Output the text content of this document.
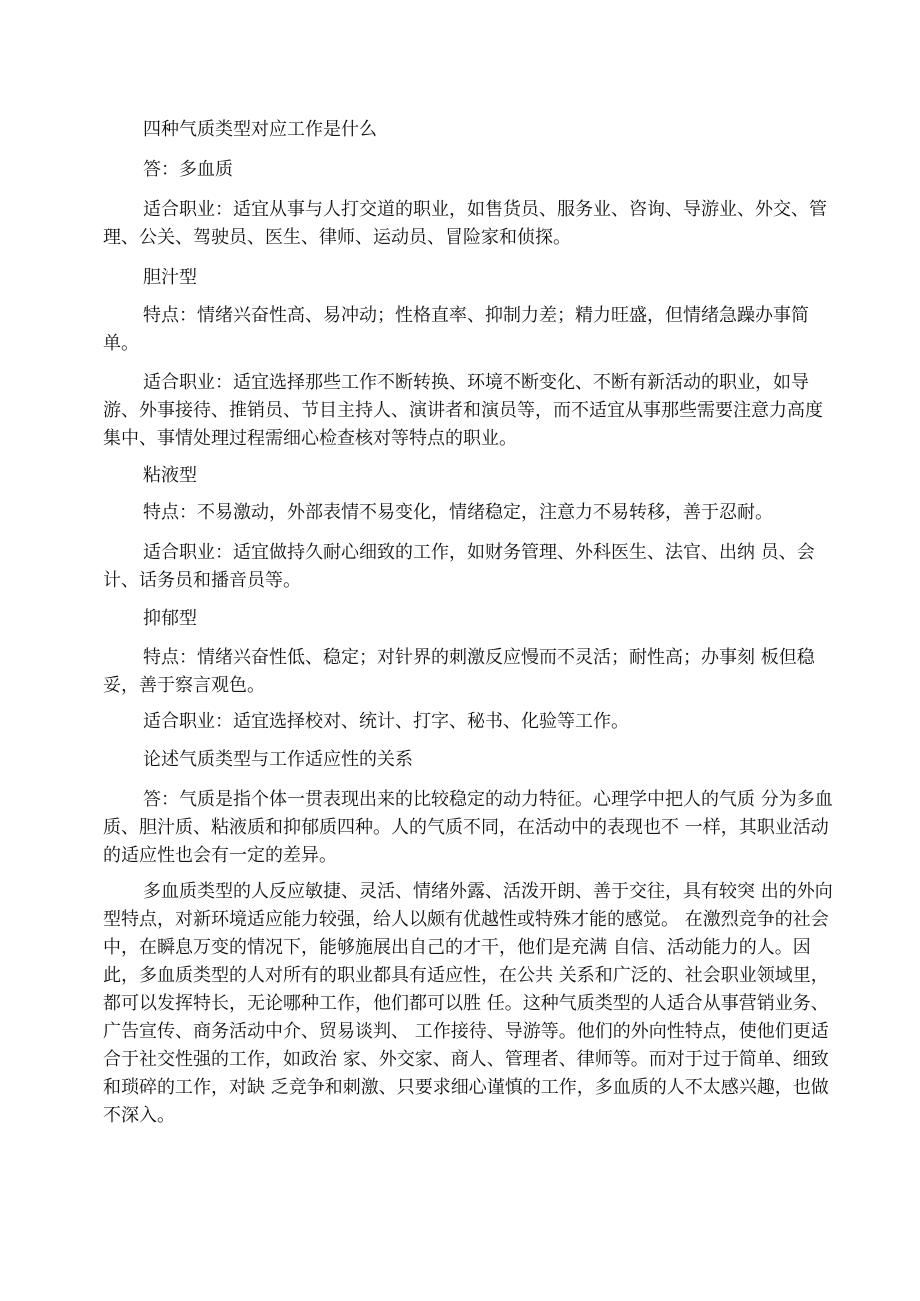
四种气质类型对应工作是什么

答：多血质

适合职业：适宜从事与人打交道的职业，如售货员、服务业、咨询、导游业、外交、管理、公关、驾驶员、医生、律师、运动员、冒险家和侦探。

胆汁型

特点：情绪兴奋性高、易冲动；性格直率、抑制力差；精力旺盛，但情绪急躁办事简单。

适合职业：适宜选择那些工作不断转换、环境不断变化、不断有新活动的职业，如导游、外事接待、推销员、节目主持人、演讲者和演员等，而不适宜从事那些需要注意力高度集中、事情处理过程需细心检查核对等特点的职业。

粘液型

特点：不易激动，外部表情不易变化，情绪稳定，注意力不易转移，善于忍耐。

适合职业：适宜做持久耐心细致的工作，如财务管理、外科医生、法官、出纳 员、会计、话务员和播音员等。

抑郁型

特点：情绪兴奋性低、稳定；对针界的刺激反应慢而不灵活；耐性高；办事刻 板但稳妥，善于察言观色。

适合职业：适宜选择校对、统计、打字、秘书、化验等工作。

论述气质类型与工作适应性的关系

答：气质是指个体一贯表现出来的比较稳定的动力特征。心理学中把人的气质 分为多血质、胆汁质、粘液质和抑郁质四种。人的气质不同，在活动中的表现也不 一样，其职业活动的适应性也会有一定的差异。

多血质类型的人反应敏捷、灵活、情绪外露、活泼开朗、善于交往，具有较突 出的外向型特点，对新环境适应能力较强，给人以颇有优越性或特殊才能的感觉。 在激烈竞争的社会中，在瞬息万变的情况下，能够施展出自己的才干，他们是充满 自信、活动能力的人。因此，多血质类型的人对所有的职业都具有适应性，在公共 关系和广泛的、社会职业领域里，都可以发挥特长，无论哪种工作，他们都可以胜 任。这种气质类型的人适合从事营销业务、广告宣传、商务活动中介、贸易谈判、 工作接待、导游等。他们的外向性特点，使他们更适合于社交性强的工作，如政治 家、外交家、商人、管理者、律师等。而对于过于简单、细致和琐碎的工作，对缺 乏竞争和刺激、只要求细心谨慎的工作，多血质的人不太感兴趣，也做不深入。
